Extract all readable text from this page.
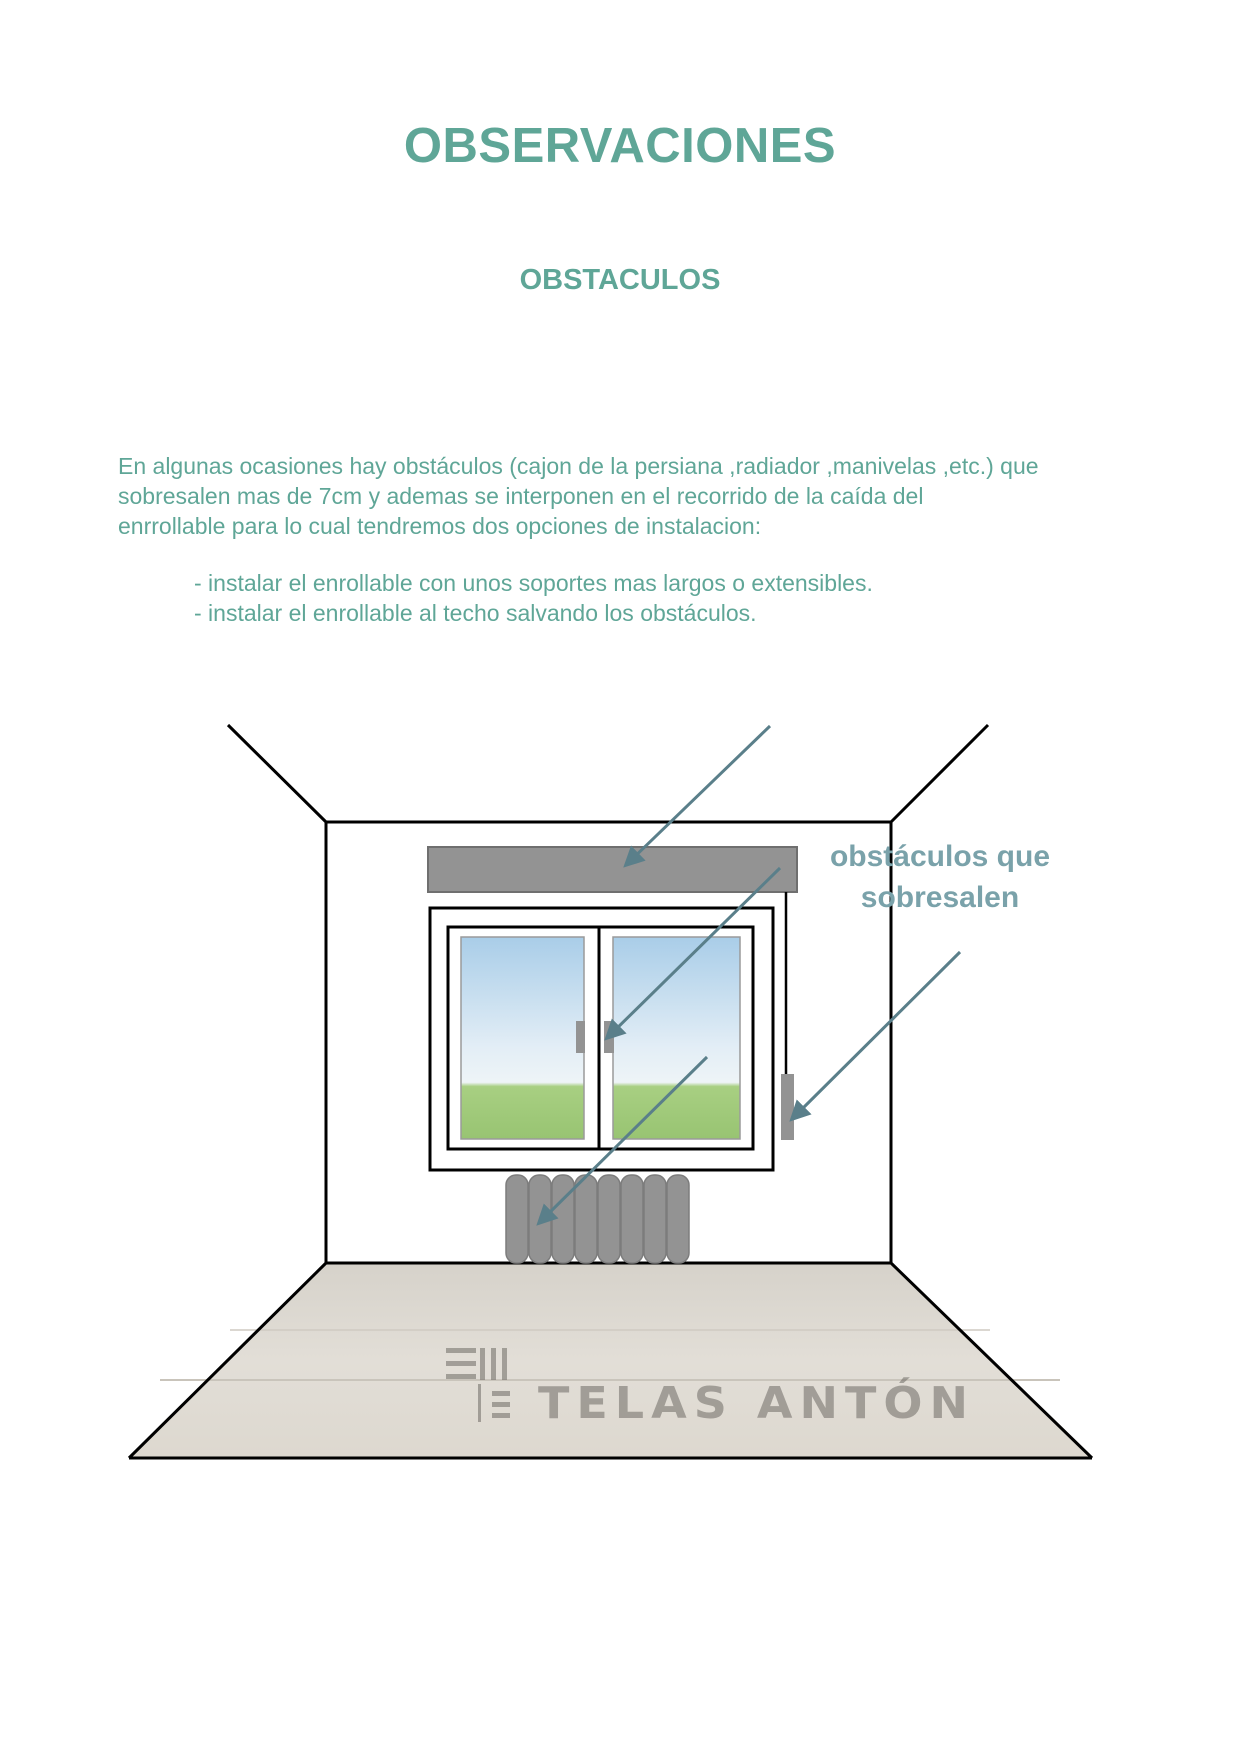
OBSERVACIONES
OBSTACULOS

En algunas ocasiones hay obstáculos (cajon de la persiana ,radiador ,manivelas ,etc.) que
sobresalen mas de 7cm y ademas se interponen en el recorrido de la caída del
enrrollable para lo cual tendremos dos opciones de instalacion:

- instalar el enrollable con unos soportes mas largos o extensibles.
- instalar el enrollable al techo salvando los obstáculos.

obstáculos que
sobresalen

TELAS ANTÓN
